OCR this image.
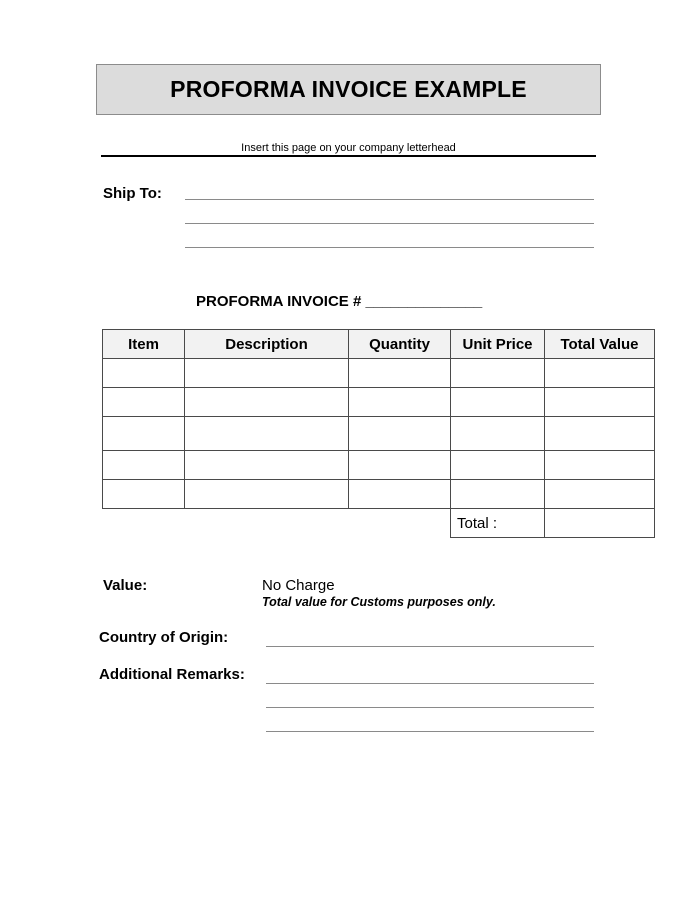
PROFORMA INVOICE EXAMPLE
Insert this page on your company letterhead
Ship To:
PROFORMA INVOICE # ______________
Item	Description	Quantity	Unit Price	Total Value

			Total :	
Value:	No Charge
Total value for Customs purposes only.
Country of Origin:
Additional Remarks:
